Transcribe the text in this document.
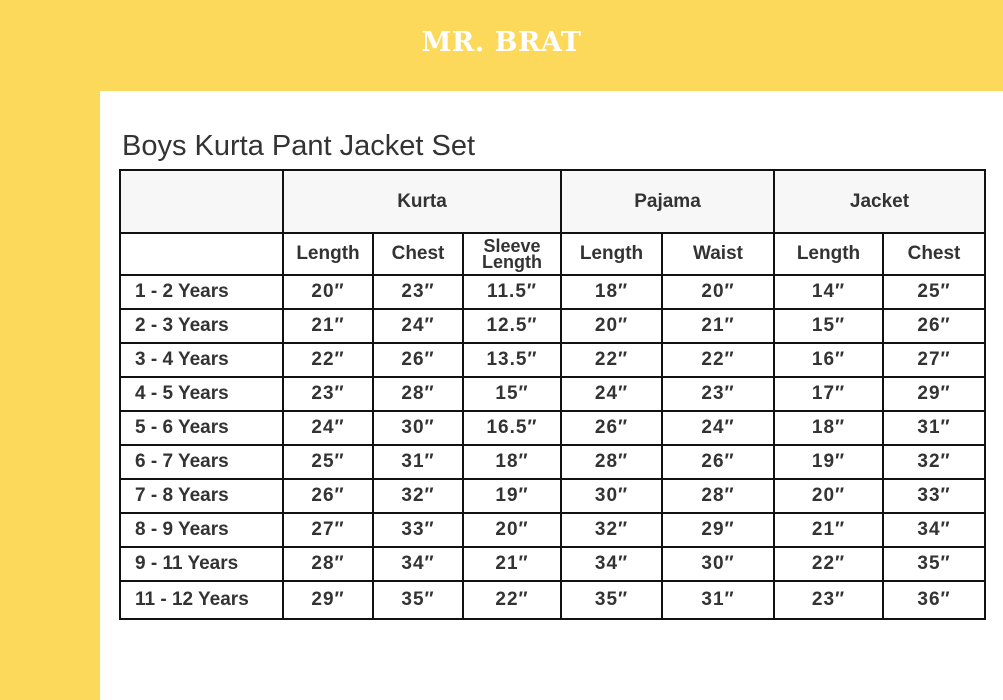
MR. BRAT
Boys Kurta Pant Jacket Set
	Kurta			Pajama		Jacket	
	Length	Chest	Sleeve Length	Length	Waist	Length	Chest
1 - 2 Years	20″	23″	11.5″	18″	20″	14″	25″
2 - 3 Years	21″	24″	12.5″	20″	21″	15″	26″
3 - 4 Years	22″	26″	13.5″	22″	22″	16″	27″
4 - 5 Years	23″	28″	15″	24″	23″	17″	29″
5 - 6 Years	24″	30″	16.5″	26″	24″	18″	31″
6 - 7 Years	25″	31″	18″	28″	26″	19″	32″
7 - 8 Years	26″	32″	19″	30″	28″	20″	33″
8 - 9 Years	27″	33″	20″	32″	29″	21″	34″
9 - 11 Years	28″	34″	21″	34″	30″	22″	35″
11 - 12 Years	29″	35″	22″	35″	31″	23″	36″
